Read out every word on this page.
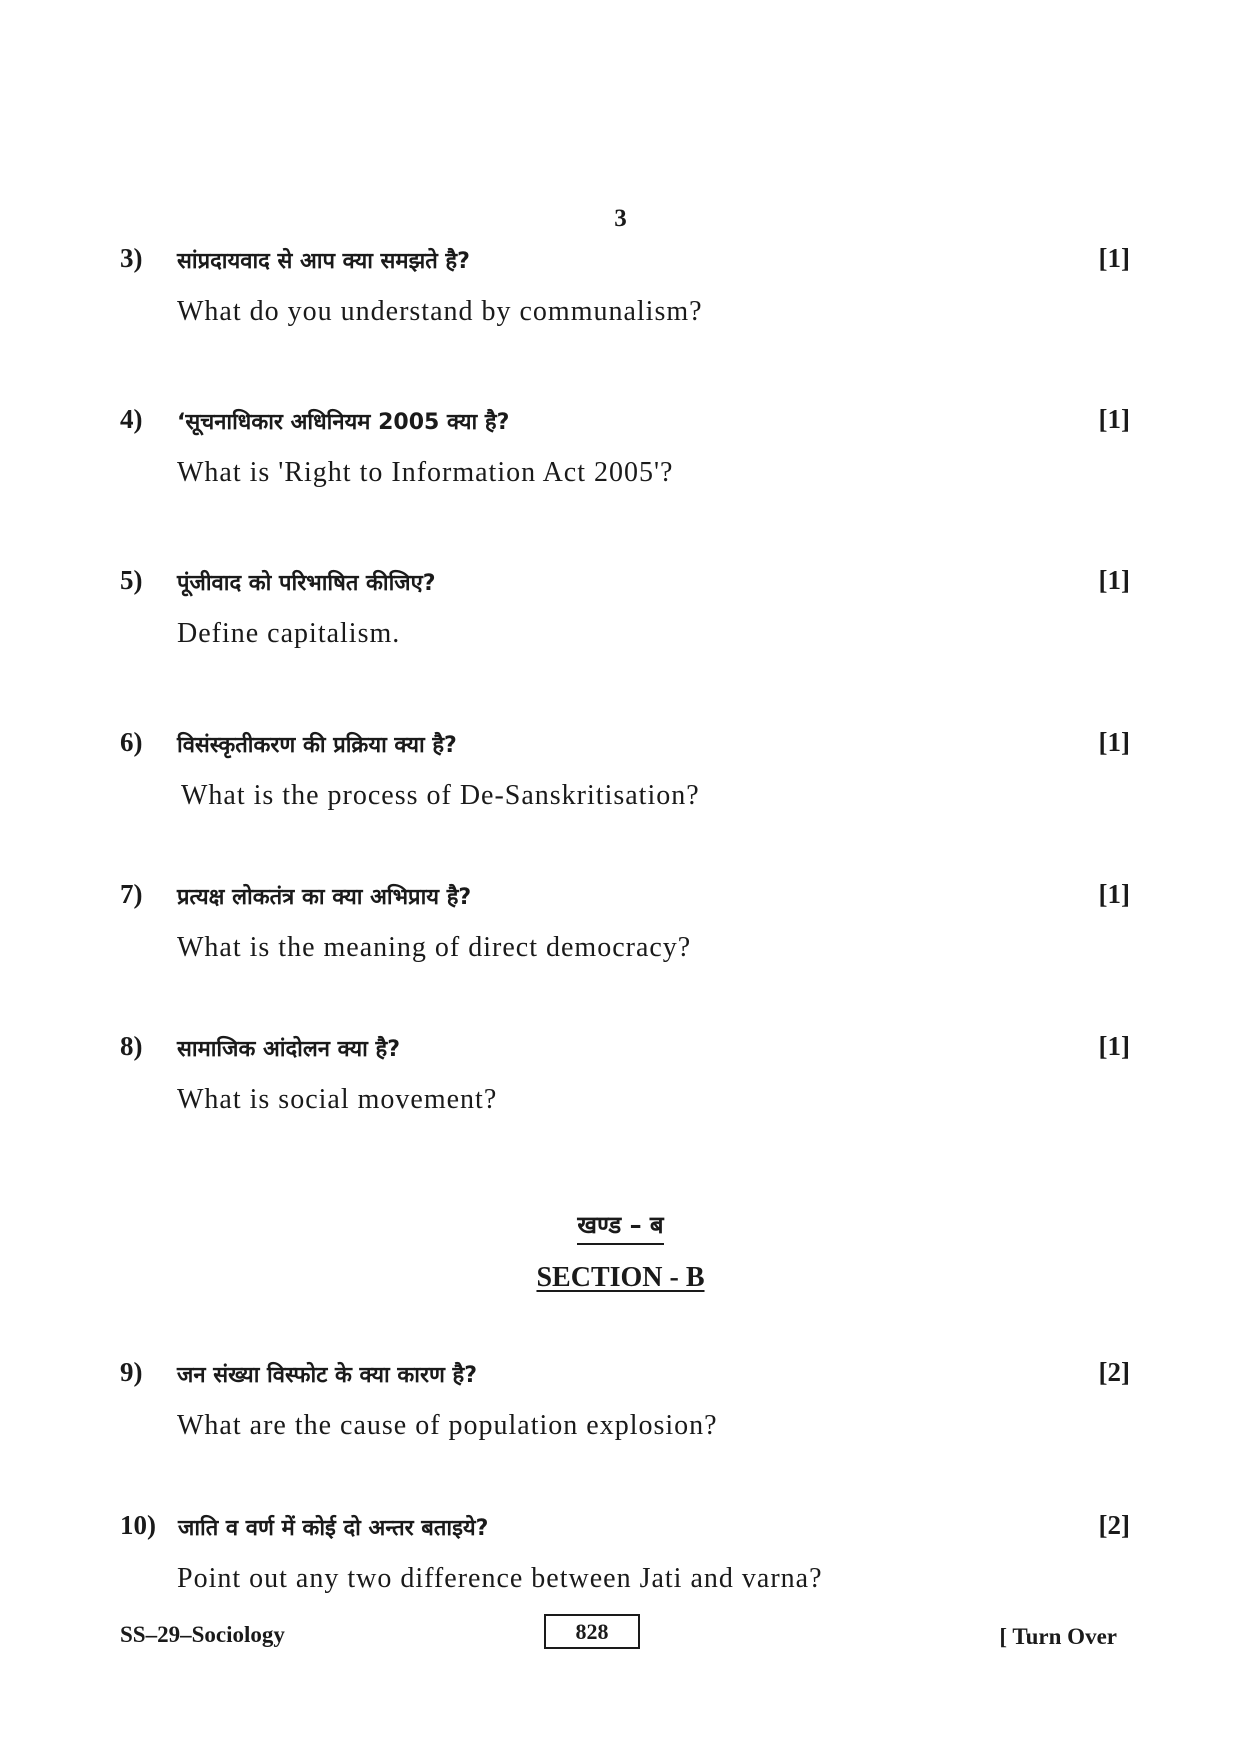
3
3) सांप्रदायवाद से आप क्या समझते है?	[1]
What do you understand by communalism?
4) ‘सूचनाधिकार अधिनियम 2005 क्या है?	[1]
What is 'Right to Information Act 2005'?
5) पूंजीवाद को परिभाषित कीजिए?	[1]
Define capitalism.
6) विसंस्कृतीकरण की प्रक्रिया क्या है?	[1]
What is the process of De-Sanskritisation?
7) प्रत्यक्ष लोकतंत्र का क्या अभिप्राय है?	[1]
What is the meaning of direct democracy?
8) सामाजिक आंदोलन क्या है?	[1]
What is social movement?
खण्ड – ब
SECTION - B
9) जन संख्या विस्फोट के क्या कारण है?	[2]
What are the cause of population explosion?
10) जाति व वर्ण में कोई दो अन्तर बताइये?	[2]
Point out any two difference between Jati and varna?
SS–29–Sociology	828	[ Turn Over
